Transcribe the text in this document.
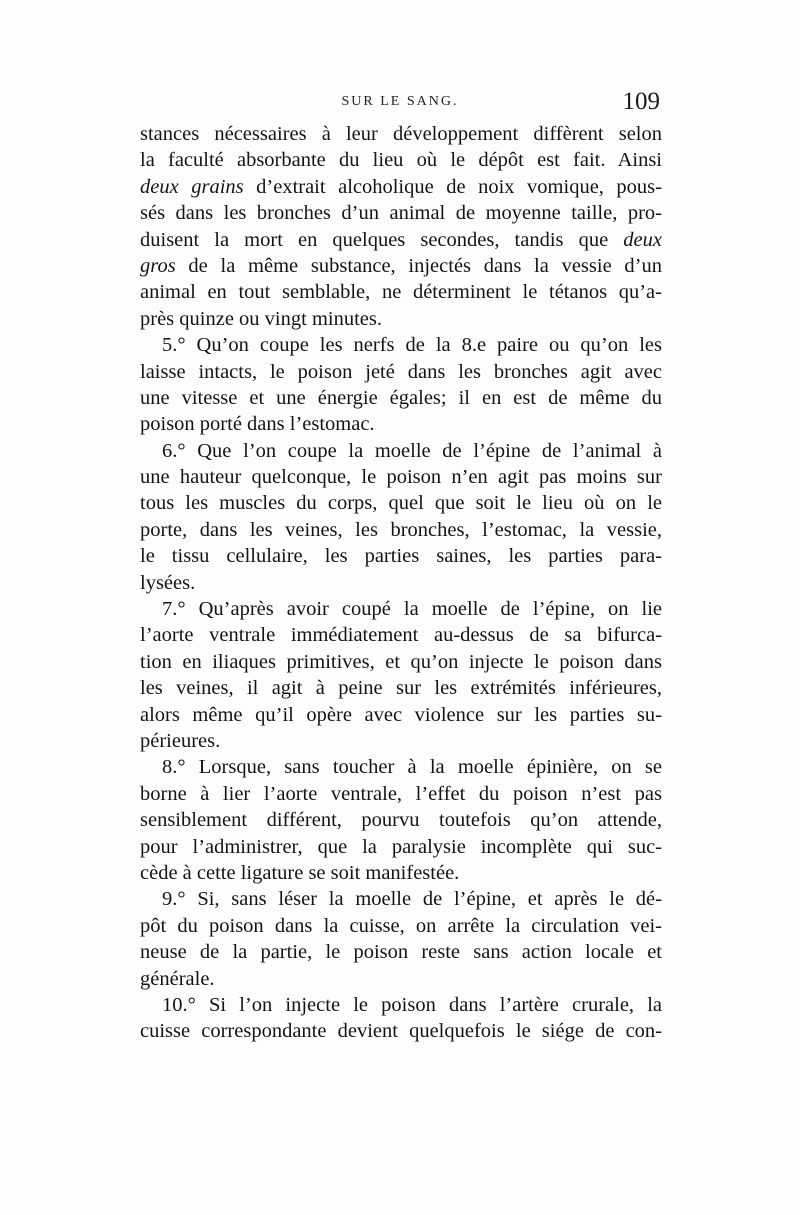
SUR LE SANG.	109
stances nécessaires à leur développement diffèrent selon
la faculté absorbante du lieu où le dépôt est fait. Ainsi
deux grains d’extrait alcoholique de noix vomique, pous-
sés dans les bronches d’un animal de moyenne taille, pro-
duisent la mort en quelques secondes, tandis que deux
gros de la même substance, injectés dans la vessie d’un
animal en tout semblable, ne déterminent le tétanos qu’a-
près quinze ou vingt minutes.
5.° Qu’on coupe les nerfs de la 8.e paire ou qu’on les
laisse intacts, le poison jeté dans les bronches agit avec
une vitesse et une énergie égales; il en est de même du
poison porté dans l’estomac.
6.° Que l’on coupe la moelle de l’épine de l’animal à
une hauteur quelconque, le poison n’en agit pas moins sur
tous les muscles du corps, quel que soit le lieu où on le
porte, dans les veines, les bronches, l’estomac, la vessie,
le tissu cellulaire, les parties saines, les parties para-
lysées.
7.° Qu’après avoir coupé la moelle de l’épine, on lie
l’aorte ventrale immédiatement au-dessus de sa bifurca-
tion en iliaques primitives, et qu’on injecte le poison dans
les veines, il agit à peine sur les extrémités inférieures,
alors même qu’il opère avec violence sur les parties su-
périeures.
8.° Lorsque, sans toucher à la moelle épinière, on se
borne à lier l’aorte ventrale, l’effet du poison n’est pas
sensiblement différent, pourvu toutefois qu’on attende,
pour l’administrer, que la paralysie incomplète qui suc-
cède à cette ligature se soit manifestée.
9.° Si, sans léser la moelle de l’épine, et après le dé-
pôt du poison dans la cuisse, on arrête la circulation vei-
neuse de la partie, le poison reste sans action locale et
générale.
10.° Si l’on injecte le poison dans l’artère crurale, la
cuisse correspondante devient quelquefois le siége de con-
